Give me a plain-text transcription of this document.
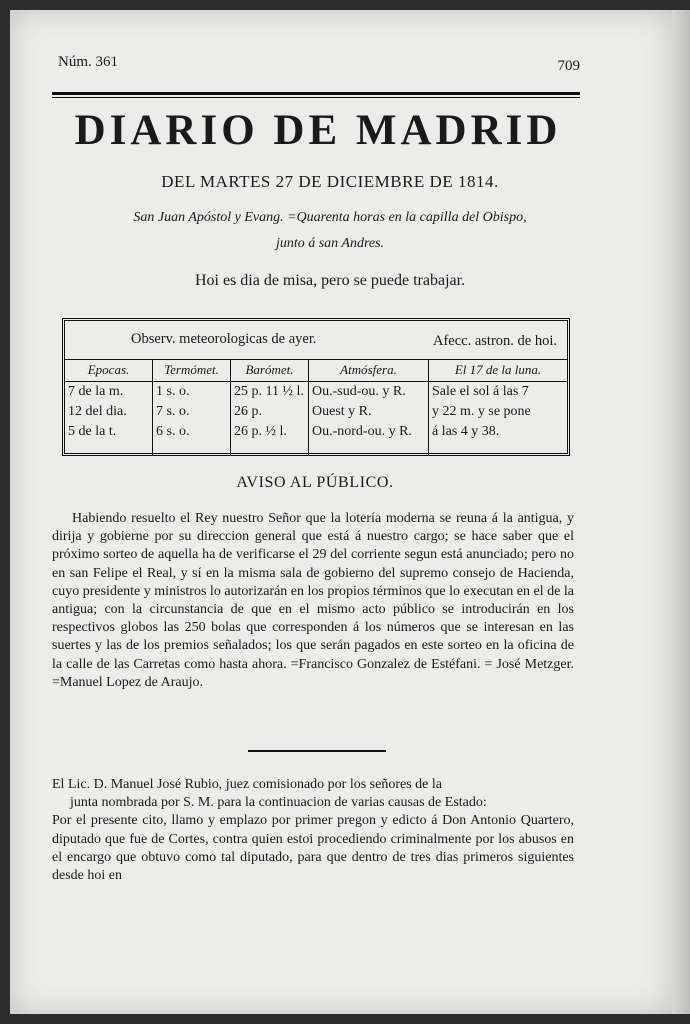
Núm. 361	709
DIARIO DE MADRID
DEL MARTES 27 DE DICIEMBRE DE 1814.
San Juan Apóstol y Evang. =Quarenta horas en la capilla del Obispo,
junto á san Andres.
Hoi es dia de misa, pero se puede trabajar.
Observ. meteorologicas de ayer.	Afecc. astron. de hoi.
Epocas.
7 de la m.
12 del dia.
5 de la t.
Termómet.
1 s. o.
7 s. o.
6 s. o.
Barómet.
25 p. 11 ½ l.
26 p.
26 p. ½ l.
Atmósfera.
Ou.-sud-ou. y R.
Ouest y R.
Ou.-nord-ou. y R.
El 17 de la luna.
Sale el sol á las 7
y 22 m. y se pone
á las 4 y 38.
AVISO AL PÚBLICO.
Habiendo resuelto el Rey nuestro Señor que la lotería moderna se reuna á la antigua, y dirija y gobierne por su direccion general que está á nuestro cargo; se hace saber que el próximo sorteo de aquella ha de verificarse el 29 del corriente segun está anunciado; pero no en san Felipe el Real, y sí en la misma sala de gobierno del supremo consejo de Hacienda, cuyo presidente y ministros lo autorizarán en los propios términos que lo executan en el de la antigua; con la circunstancia de que en el mismo acto público se introducirán en los respectivos globos las 250 bolas que corresponden á los números que se interesan en las suertes y las de los premios señalados; los que serán pagados en este sorteo en la oficina de la calle de las Carretas como hasta ahora. =Francisco Gonzalez de Estéfani. = José Metzger. =Manuel Lopez de Araujo.

El Lic. D. Manuel José Rubio, juez comisionado por los señores de la
junta nombrada por S. M. para la continuacion de varias causas de Estado:

Por el presente cito, llamo y emplazo por primer pregon y edicto á Don Antonio Quartero, diputado que fue de Cortes, contra quien estoi procediendo criminalmente por los abusos en el encargo que obtuvo como tal diputado, para que dentro de tres dias primeros siguientes desde hoi en
